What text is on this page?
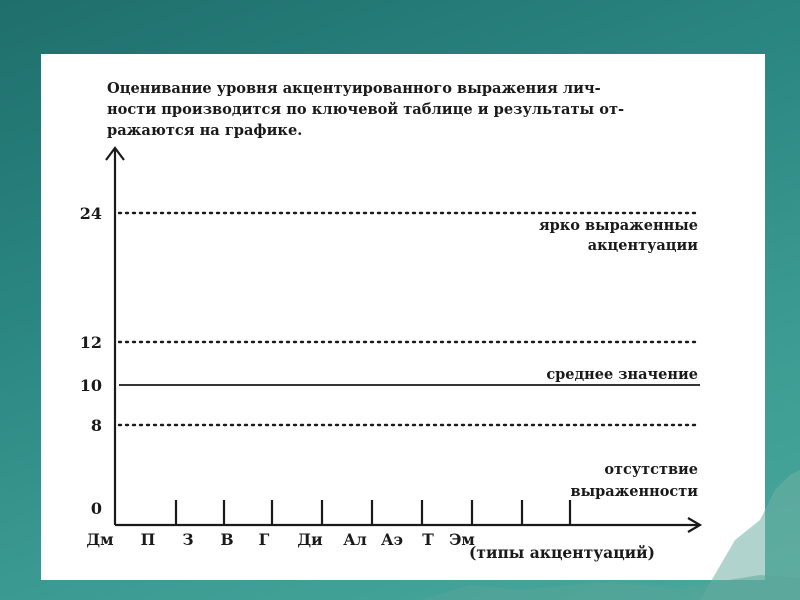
Оценивание уровня акцентуированного выражения лич-
ности производится по ключевой таблице и результаты от-
ражаются на графике.

0
8
10
12
24
ярко выраженные
акцентуации
среднее значение
отсутствие
выраженности
Дм П З В Г Ди Ал Аэ Т Эм
(типы акцентуаций)
